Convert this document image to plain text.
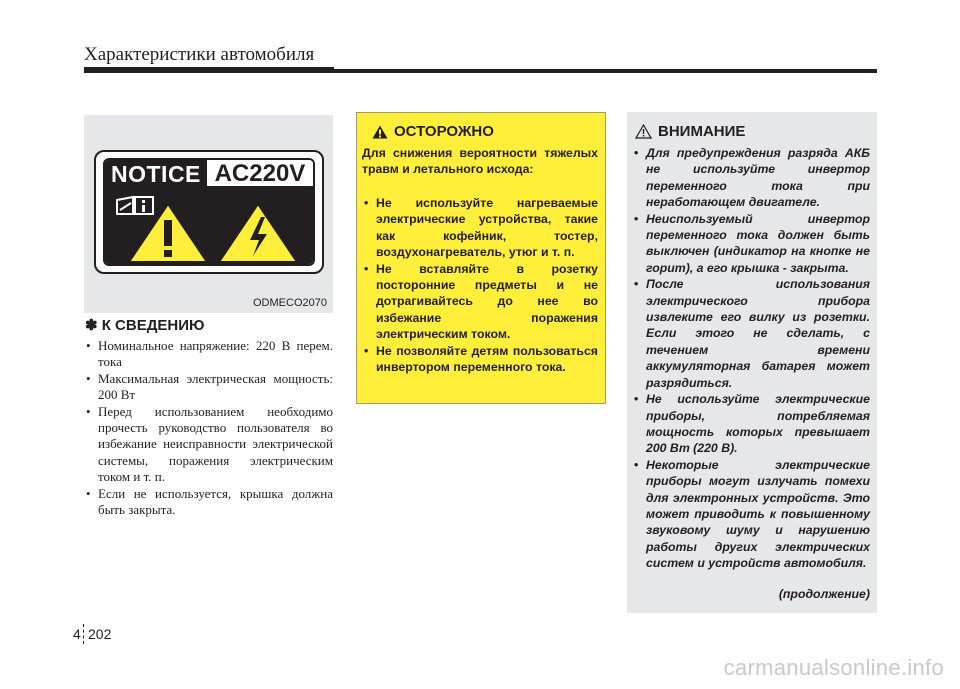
Характеристики автомобиля
NOTICE AC220V
ODMECO2070
✽ К СВЕДЕНИЮ
• Номинальное напряжение: 220 В перем. тока
• Максимальная электрическая мощность: 200 Вт
• Перед использованием необходимо прочесть руководство пользователя во избежание неисправности электрической системы, поражения электрическим током и т. п.
• Если не используется, крышка должна быть закрыта.
ОСТОРОЖНО

Для снижения вероятности тяжелых травм и летального исхода:

• Не используйте нагреваемые электрические устройства, такие как кофейник, тостер, воздухонагреватель, утюг и т. п.
• Не вставляйте в розетку посторонние предметы и не дотрагивайтесь до нее во избежание поражения электрическим током.
• Не позволяйте детям пользоваться инвертором переменного тока.
ВНИМАНИЕ
• Для предупреждения разряда АКБ не используйте инвертор переменного тока при неработающем двигателе.
• Неиспользуемый инвертор переменного тока должен быть выключен (индикатор на кнопке не горит), а его крышка - закрыта.
• После использования электрического прибора извлеките его вилку из розетки. Если этого не сделать, с течением времени аккумуляторная батарея может разрядиться.
• Не используйте электрические приборы, потребляемая мощность которых превышает 200 Вт (220 В).
• Некоторые электрические приборы могут излучать помехи для электронных устройств. Это может приводить к повышенному звуковому шуму и нарушению работы других электрических систем и устройств автомобиля.
(продолжение)
4 202
carmanualsonline.info
